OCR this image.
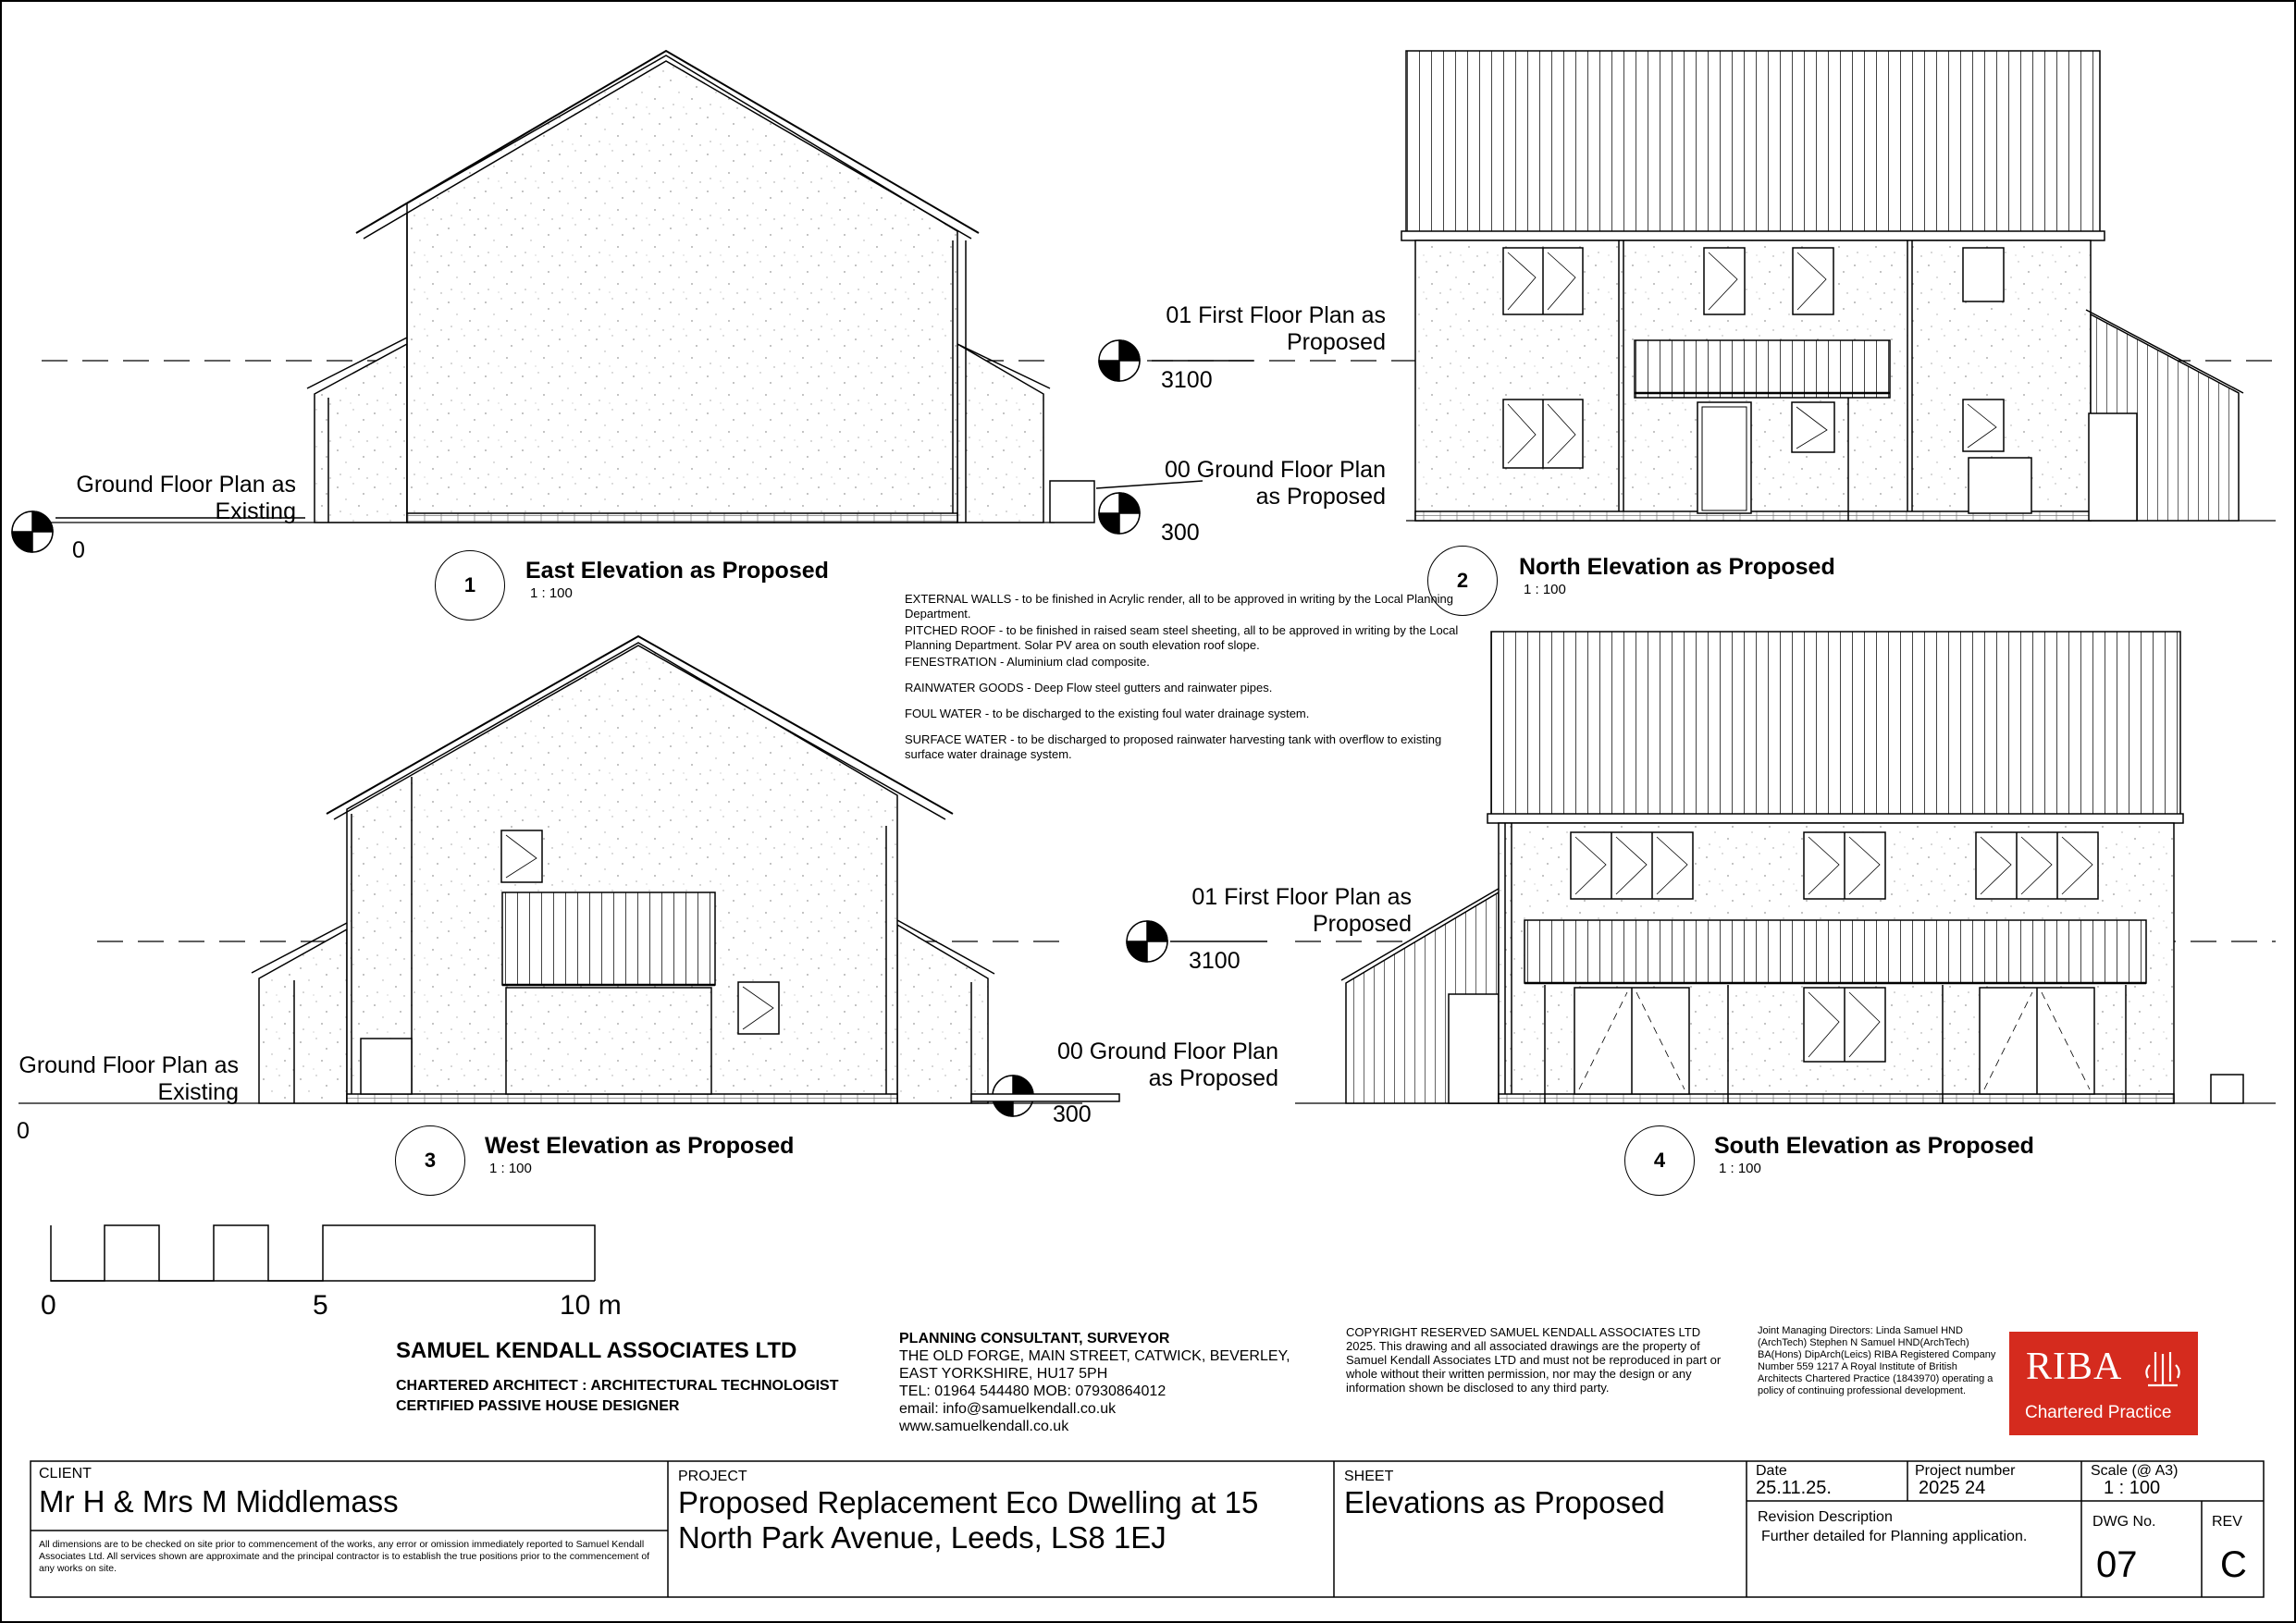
Ground Floor Plan as
Existing
0
01 First Floor Plan as
Proposed
3100
00 Ground Floor Plan
as Proposed
300
Ground Floor Plan as
Existing
0
01 First Floor Plan as
Proposed
3100
00 Ground Floor Plan
as Proposed
300
1
East Elevation as Proposed
1 : 100
2
North Elevation as Proposed
1 : 100
3
West Elevation as Proposed
1 : 100	4
South Elevation as Proposed
1 : 100

EXTERNAL WALLS - to be finished in Acrylic render, all to be approved in writing by the Local Planning Department.

PITCHED ROOF - to be finished in raised seam steel sheeting, all to be approved in writing by the Local Planning Department. Solar PV area on south elevation roof slope.

FENESTRATION - Aluminium clad composite.

RAINWATER GOODS - Deep Flow steel gutters and rainwater pipes.

FOUL WATER - to be discharged to the existing foul water drainage system.

SURFACE WATER - to be discharged to proposed rainwater harvesting tank with overflow to existing surface water drainage system.

0	5	10 m
SAMUEL KENDALL ASSOCIATES LTD
CHARTERED ARCHITECT : ARCHITECTURAL TECHNOLOGIST
CERTIFIED PASSIVE HOUSE DESIGNER
PLANNING CONSULTANT, SURVEYOR
THE OLD FORGE, MAIN STREET, CATWICK, BEVERLEY,
EAST YORKSHIRE, HU17 5PH
TEL: 01964 544480 MOB: 07930864012
email: info@samuelkendall.co.uk
www.samuelkendall.co.uk
COPYRIGHT RESERVED SAMUEL KENDALL ASSOCIATES LTD 2025. This drawing and all associated drawings are the property of Samuel Kendall Associates LTD and must not be reproduced in part or whole without their written permission, nor may the design or any information shown be disclosed to any third party.
Joint Managing Directors: Linda Samuel HND (ArchTech) Stephen N Samuel HND(ArchTech) BA(Hons) DipArch(Leics) RIBA Registered Company Number 559 1217 A Royal Institute of British Architects Chartered Practice (1843970) operating a policy of continuing professional development.
RIBA
Chartered Practice
CLIENT
Mr H & Mrs M Middlemass
All dimensions are to be checked on site prior to commencement of the works, any error or omission immediately reported to Samuel Kendall Associates Ltd. All services shown are approximate and the principal contractor is to establish the true positions prior to the commencement of any works on site.
PROJECT
Proposed Replacement Eco Dwelling at 15
North Park Avenue, Leeds, LS8 1EJ
SHEET
Elevations as Proposed
Date
25.11.25.
Project number
2025 24
Scale (@ A3)
1 : 100
Revision Description
Further detailed for Planning application.
DWG No.
07
REV
C
